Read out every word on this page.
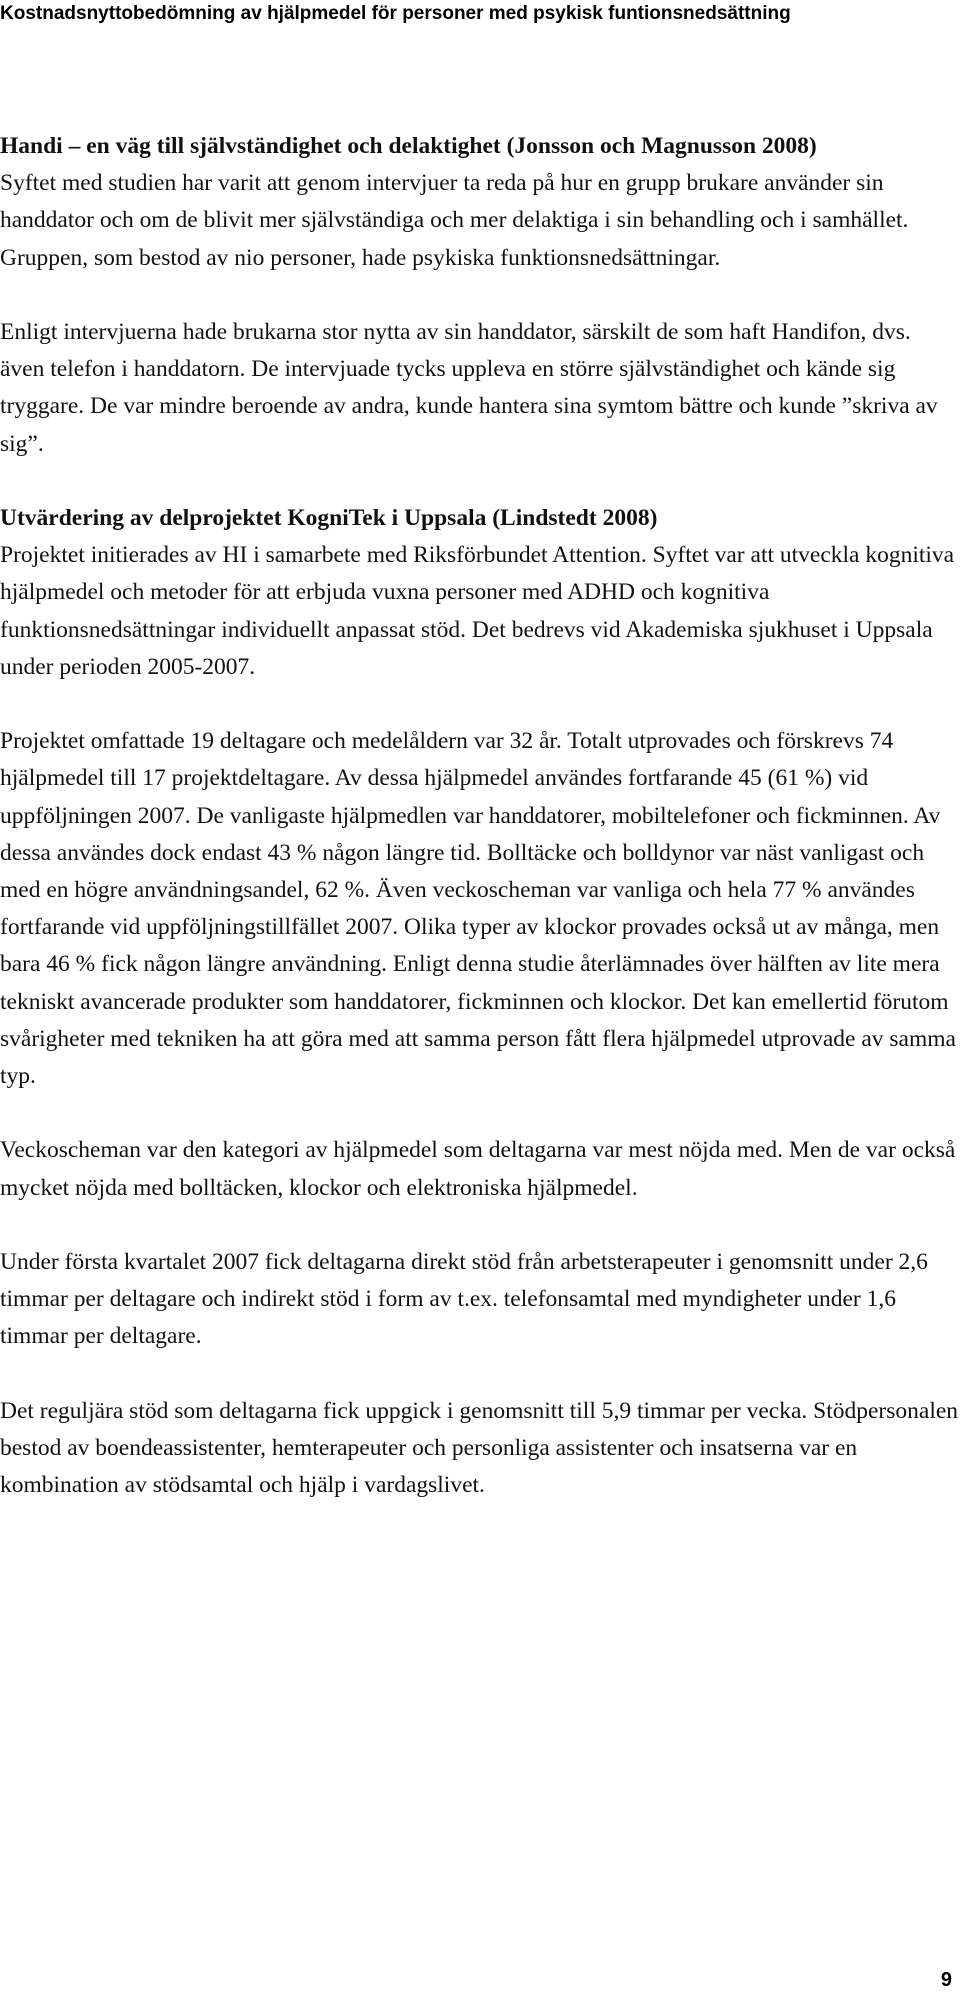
Kostnadsnyttobedömning av hjälpmedel för personer med psykisk funtionsnedsättning

Handi – en väg till självständighet och delaktighet (Jonsson och Magnusson 2008)

Syftet med studien har varit att genom intervjuer ta reda på hur en grupp brukare använder sin handdator och om de blivit mer självständiga och mer delaktiga i sin behandling och i samhället. Gruppen, som bestod av nio personer, hade psykiska funktionsnedsättningar.

Enligt intervjuerna hade brukarna stor nytta av sin handdator, särskilt de som haft Handifon, dvs. även telefon i handdatorn. De intervjuade tycks uppleva en större självständighet och kände sig tryggare. De var mindre beroende av andra, kunde hantera sina symtom bättre och kunde ”skriva av sig”.

Utvärdering av delprojektet KogniTek i Uppsala (Lindstedt 2008)

Projektet initierades av HI i samarbete med Riksförbundet Attention. Syftet var att utveckla kognitiva hjälpmedel och metoder för att erbjuda vuxna personer med ADHD och kognitiva funktionsnedsättningar individuellt anpassat stöd. Det bedrevs vid Akademiska sjukhuset i Uppsala under perioden 2005-2007.

Projektet omfattade 19 deltagare och medelåldern var 32 år. Totalt utprovades och förskrevs 74 hjälpmedel till 17 projektdeltagare. Av dessa hjälpmedel användes fortfarande 45 (61 %) vid uppföljningen 2007. De vanligaste hjälpmedlen var handdatorer, mobiltelefoner och fickminnen. Av dessa användes dock endast 43 % någon längre tid. Bolltäcke och bolldynor var näst vanligast och med en högre användningsandel, 62 %. Även veckoscheman var vanliga och hela 77 % användes fortfarande vid uppföljningstillfället 2007. Olika typer av klockor provades också ut av många, men bara 46 % fick någon längre användning. Enligt denna studie återlämnades över hälften av lite mera tekniskt avancerade produkter som handdatorer, fickminnen och klockor. Det kan emellertid förutom svårigheter med tekniken ha att göra med att samma person fått flera hjälpmedel utprovade av samma typ.

Veckoscheman var den kategori av hjälpmedel som deltagarna var mest nöjda med. Men de var också mycket nöjda med bolltäcken, klockor och elektroniska hjälpmedel.

Under första kvartalet 2007 fick deltagarna direkt stöd från arbetsterapeuter i genomsnitt under 2,6 timmar per deltagare och indirekt stöd i form av t.ex. telefonsamtal med myndigheter under 1,6 timmar per deltagare.

Det reguljära stöd som deltagarna fick uppgick i genomsnitt till 5,9 timmar per vecka. Stödpersonalen bestod av boendeassistenter, hemterapeuter och personliga assistenter och insatserna var en kombination av stödsamtal och hjälp i vardagslivet.

9
